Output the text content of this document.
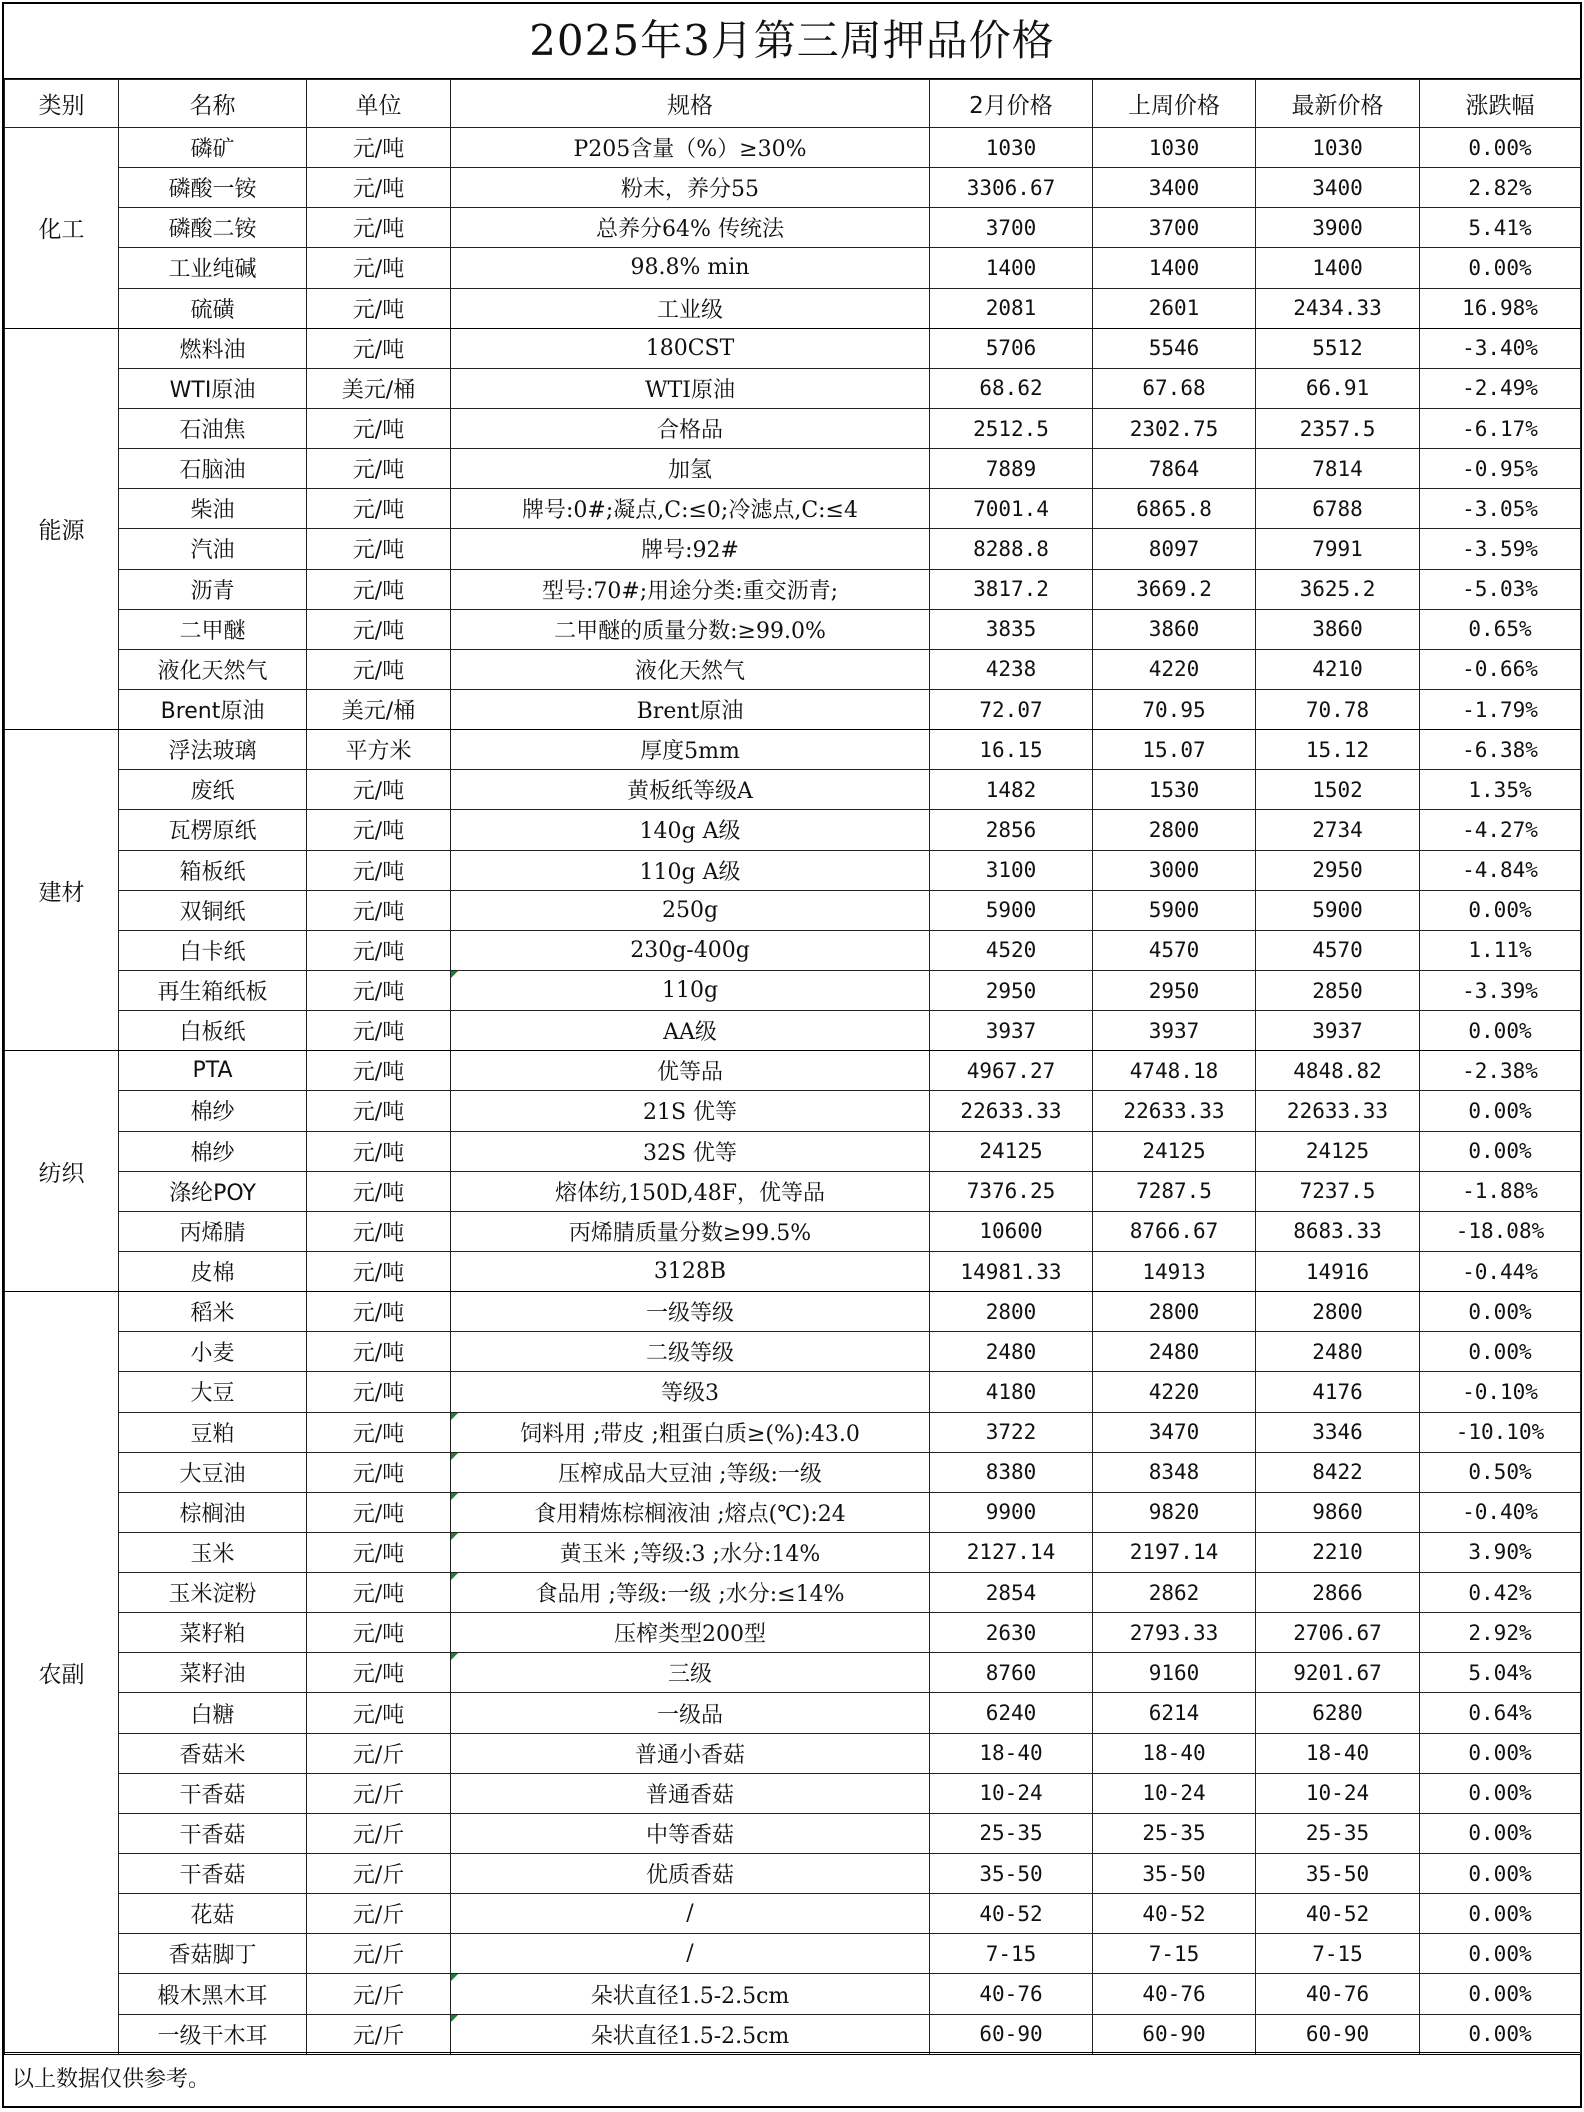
2025年3月第三周押品价格
类别	名称	单位	规格	2月价格	上周价格	最新价格	涨跌幅
化工	磷矿	元/吨	P205含量（%）≥30%	1030	1030	1030	0.00%
	磷酸一铵	元/吨	粉末，养分55	3306.67	3400	3400	2.82%
	磷酸二铵	元/吨	总养分64% 传统法	3700	3700	3900	5.41%
	工业纯碱	元/吨	98.8% min	1400	1400	1400	0.00%
	硫磺	元/吨	工业级	2081	2601	2434.33	16.98%
能源	燃料油	元/吨	180CST	5706	5546	5512	-3.40%
	WTI原油	美元/桶	WTI原油	68.62	67.68	66.91	-2.49%
	石油焦	元/吨	合格品	2512.5	2302.75	2357.5	-6.17%
	石脑油	元/吨	加氢	7889	7864	7814	-0.95%
	柴油	元/吨	牌号:0#;凝点,C:≤0;冷滤点,C:≤4	7001.4	6865.8	6788	-3.05%
	汽油	元/吨	牌号:92#	8288.8	8097	7991	-3.59%
	沥青	元/吨	型号:70#;用途分类:重交沥青;	3817.2	3669.2	3625.2	-5.03%
	二甲醚	元/吨	二甲醚的质量分数:≥99.0%	3835	3860	3860	0.65%
	液化天然气	元/吨	液化天然气	4238	4220	4210	-0.66%
	Brent原油	美元/桶	Brent原油	72.07	70.95	70.78	-1.79%
建材	浮法玻璃	平方米	厚度5mm	16.15	15.07	15.12	-6.38%
	废纸	元/吨	黄板纸等级A	1482	1530	1502	1.35%
	瓦楞原纸	元/吨	140g A级	2856	2800	2734	-4.27%
	箱板纸	元/吨	110g A级	3100	3000	2950	-4.84%
	双铜纸	元/吨	250g	5900	5900	5900	0.00%
	白卡纸	元/吨	230g-400g	4520	4570	4570	1.11%
	再生箱纸板	元/吨	110g	2950	2950	2850	-3.39%
	白板纸	元/吨	AA级	3937	3937	3937	0.00%
纺织	PTA	元/吨	优等品	4967.27	4748.18	4848.82	-2.38%
	棉纱	元/吨	21S 优等	22633.33	22633.33	22633.33	0.00%
	棉纱	元/吨	32S 优等	24125	24125	24125	0.00%
	涤纶POY	元/吨	熔体纺,150D,48F，优等品	7376.25	7287.5	7237.5	-1.88%
	丙烯腈	元/吨	丙烯腈质量分数≥99.5%	10600	8766.67	8683.33	-18.08%
	皮棉	元/吨	3128B	14981.33	14913	14916	-0.44%
农副	稻米	元/吨	一级等级	2800	2800	2800	0.00%
	小麦	元/吨	二级等级	2480	2480	2480	0.00%
	大豆	元/吨	等级3	4180	4220	4176	-0.10%
	豆粕	元/吨	饲料用 ;带皮 ;粗蛋白质≥(%):43.0	3722	3470	3346	-10.10%
	大豆油	元/吨	压榨成品大豆油 ;等级:一级	8380	8348	8422	0.50%
	棕榈油	元/吨	食用精炼棕榈液油 ;熔点(℃):24	9900	9820	9860	-0.40%
	玉米	元/吨	黄玉米 ;等级:3 ;水分:14%	2127.14	2197.14	2210	3.90%
	玉米淀粉	元/吨	食品用 ;等级:一级 ;水分:≤14%	2854	2862	2866	0.42%
	菜籽粕	元/吨	压榨类型200型	2630	2793.33	2706.67	2.92%
	菜籽油	元/吨	三级	8760	9160	9201.67	5.04%
	白糖	元/吨	一级品	6240	6214	6280	0.64%
	香菇米	元/斤	普通小香菇	18-40	18-40	18-40	0.00%
	干香菇	元/斤	普通香菇	10-24	10-24	10-24	0.00%
	干香菇	元/斤	中等香菇	25-35	25-35	25-35	0.00%
	干香菇	元/斤	优质香菇	35-50	35-50	35-50	0.00%
	花菇	元/斤	/	40-52	40-52	40-52	0.00%
	香菇脚丁	元/斤	/	7-15	7-15	7-15	0.00%
	椴木黑木耳	元/斤	朵状直径1.5-2.5cm	40-76	40-76	40-76	0.00%
	一级干木耳	元/斤	朵状直径1.5-2.5cm	60-90	60-90	60-90	0.00%
以上数据仅供参考。
